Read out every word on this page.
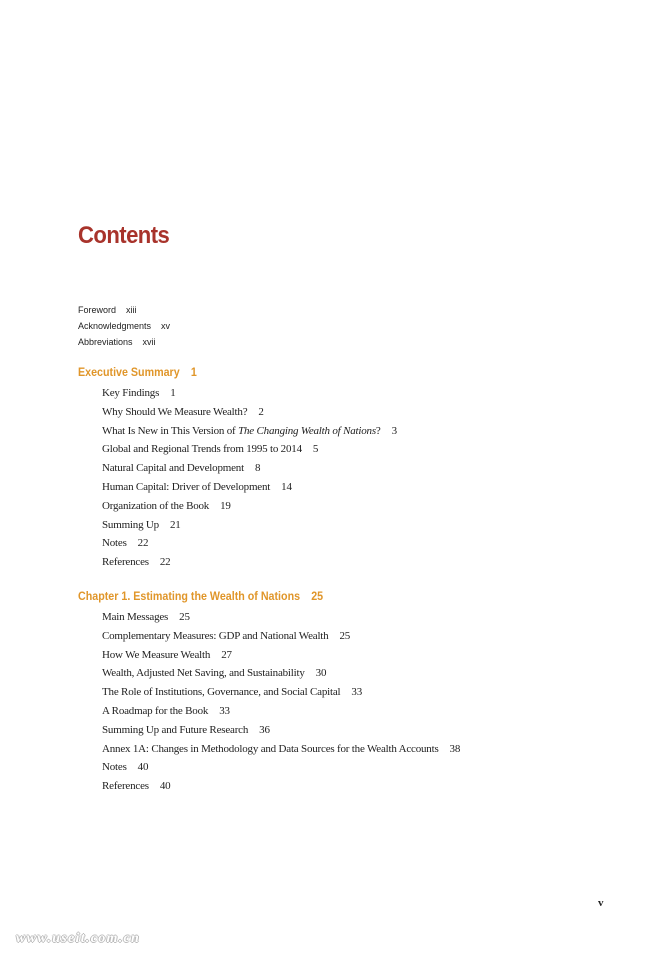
Contents
Foreword xiii
Acknowledgments xv
Abbreviations xvii
Executive Summary 1
Key Findings 1
Why Should We Measure Wealth? 2
What Is New in This Version of The Changing Wealth of Nations? 3
Global and Regional Trends from 1995 to 2014 5
Natural Capital and Development 8
Human Capital: Driver of Development 14
Organization of the Book 19
Summing Up 21
Notes 22
References 22
Chapter 1. Estimating the Wealth of Nations 25
Main Messages 25
Complementary Measures: GDP and National Wealth 25
How We Measure Wealth 27
Wealth, Adjusted Net Saving, and Sustainability 30
The Role of Institutions, Governance, and Social Capital 33
A Roadmap for the Book 33
Summing Up and Future Research 36
Annex 1A: Changes in Methodology and Data Sources for the Wealth Accounts 38
Notes 40
References 40
v
www.useit.com.cn
